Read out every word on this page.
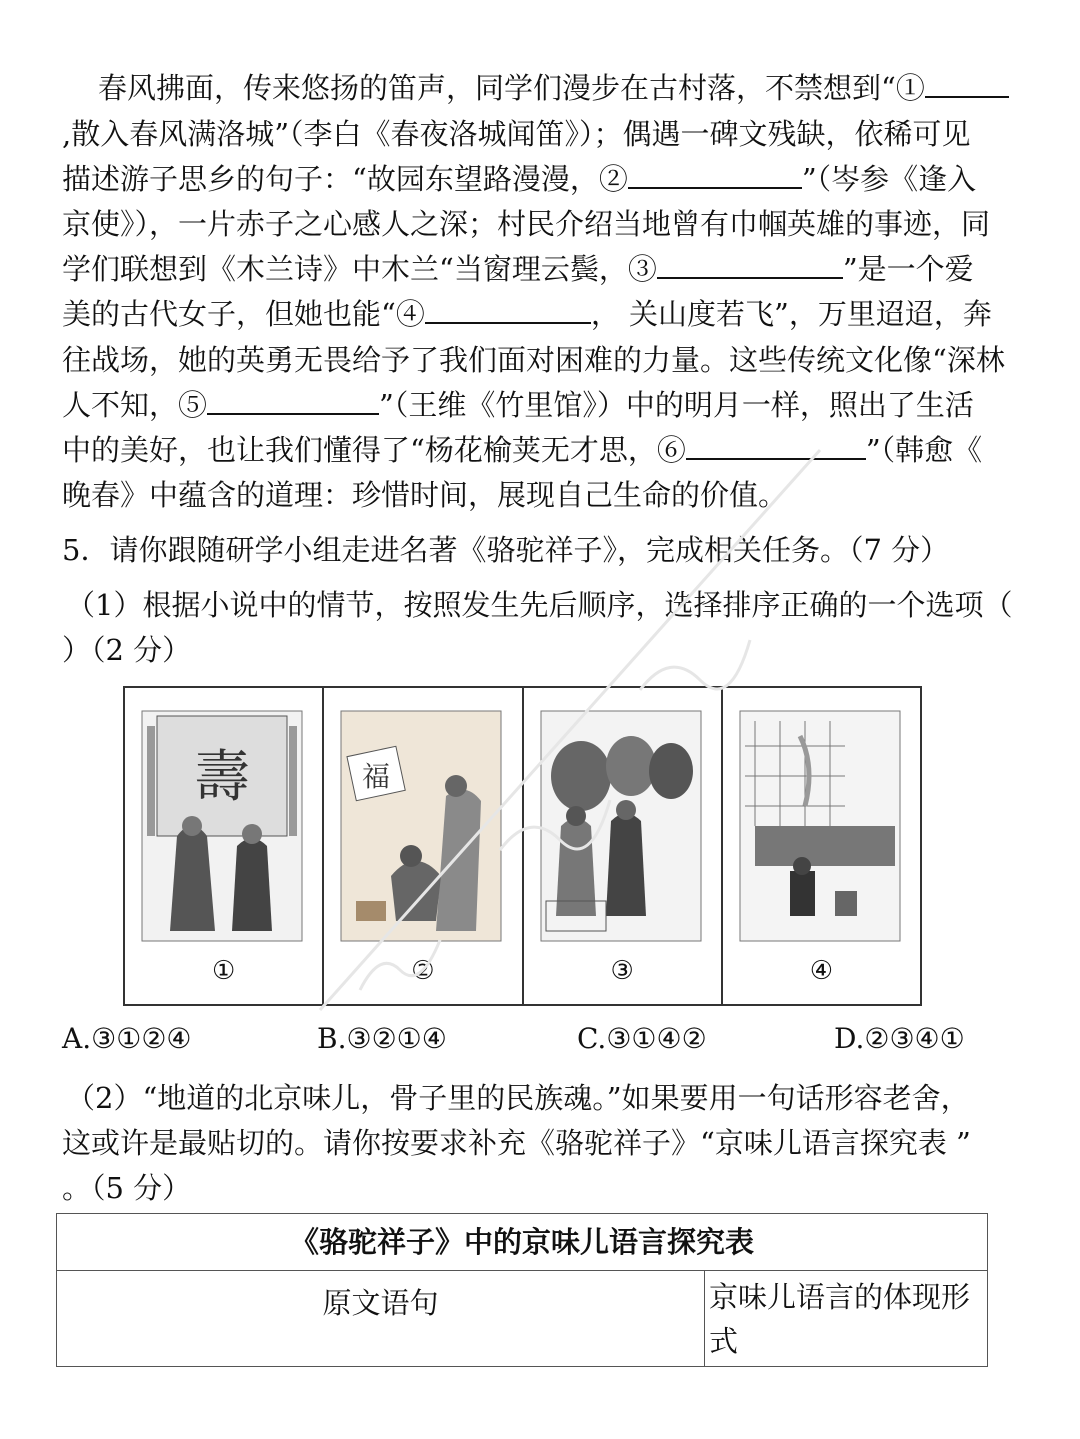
春风拂面，传来悠扬的笛声，同学们漫步在古村落，不禁想到“①
,散入春风满洛城”（李白《春夜洛城闻笛》）；偶遇一碑文残缺，依稀可见
描述游子思乡的句子：“故园东望路漫漫，②	”（岑参《逢入
京使》），一片赤子之心感人之深；村民介绍当地曾有巾帼英雄的事迹，同
学们联想到《木兰诗》中木兰“当窗理云鬓，③	”是一个爱
美的古代女子，但她也能“④	， 关山度若飞”，万里迢迢，奔
往战场，她的英勇无畏给予了我们面对困难的力量。这些传统文化像“深林
人不知，⑤	”（王维《竹里馆》）中的明月一样，照出了生活
中的美好，也让我们懂得了“杨花榆荚无才思，⑥	”（韩愈《
晚春》中蕴含的道理：珍惜时间，展现自己生命的价值。
5．请你跟随研学小组走进名著《骆驼祥子》，完成相关任务。（7 分）
（1）根据小说中的情节，按照发生先后顺序，选择排序正确的一个选项（
）（2 分）
壽
①
福
②	③	④
A.③①②④	B.③②①④	C.③①④②	D.②③④①
（2）“地道的北京味儿，骨子里的民族魂。”如果要用一句话形容老舍，
这或许是最贴切的。请你按要求补充《骆驼祥子》“京味儿语言探究表 ”
。（5 分）
《骆驼祥子》中的京味儿语言探究表
原文语句	京味儿语言的体现形式
